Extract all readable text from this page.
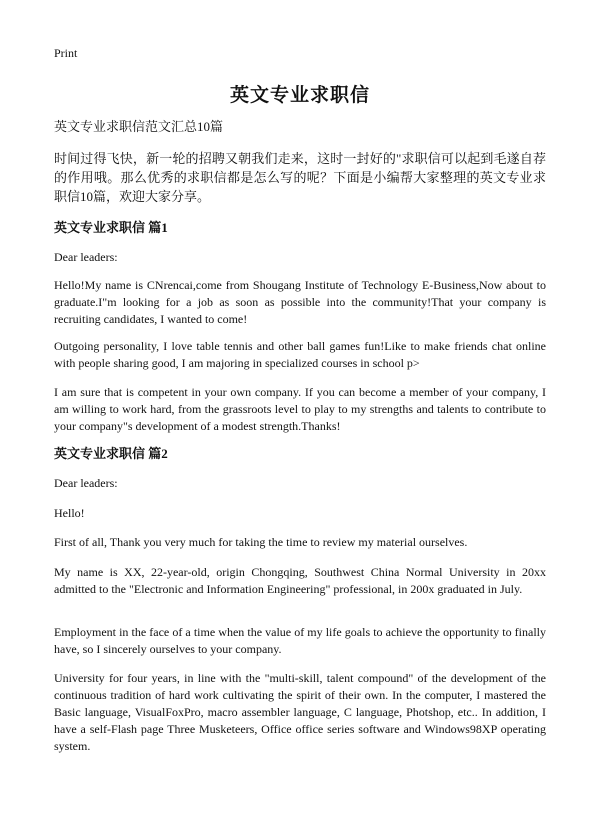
Print
英文专业求职信
英文专业求职信范文汇总10篇
时间过得飞快，新一轮的招聘又朝我们走来，这时一封好的"求职信可以起到毛遂自荐的作用哦。那么优秀的求职信都是怎么写的呢？下面是小编帮大家整理的英文专业求职信10篇，欢迎大家分享。
英文专业求职信 篇1
Dear leaders:
Hello!My name is CNrencai,come from Shougang Institute of Technology E-Business,Now about to graduate.I"m looking for a job as soon as possible into the community!That your company is recruiting candidates, I wanted to come!
Outgoing personality, I love table tennis and other ball games fun!Like to make friends chat online with people sharing good, I am majoring in specialized courses in school p>
I am sure that is competent in your own company. If you can become a member of your company, I am willing to work hard, from the grassroots level to play to my strengths and talents to contribute to your company"s development of a modest strength.Thanks!
英文专业求职信 篇2
Dear leaders:
Hello!
First of all, Thank you very much for taking the time to review my material ourselves.
My name is XX, 22-year-old, origin Chongqing, Southwest China Normal University in 20xx admitted to the "Electronic and Information Engineering" professional, in 200x graduated in July.
Employment in the face of a time when the value of my life goals to achieve the opportunity to finally have, so I sincerely ourselves to your company.
University for four years, in line with the "multi-skill, talent compound" of the development of the continuous tradition of hard work cultivating the spirit of their own. In the computer, I mastered the Basic language, VisualFoxPro, macro assembler language, C language, Photshop, etc.. In addition, I have a self-Flash page Three Musketeers, Office office series software and Windows98XP operating system.
